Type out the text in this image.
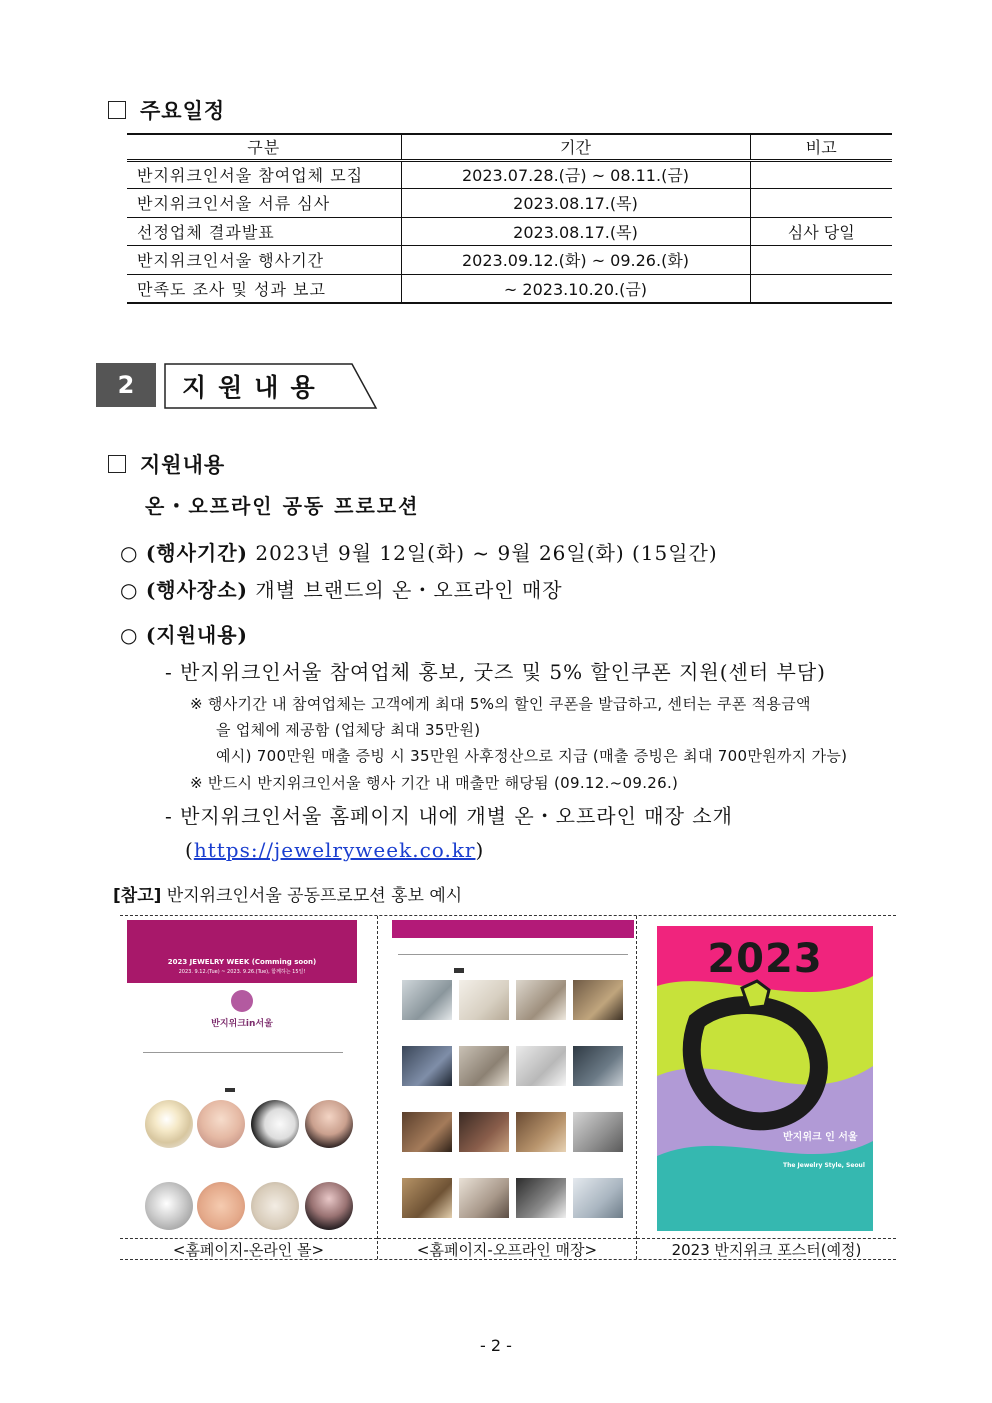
주요일정
구분	기간	비고
반지위크인서울 참여업체 모집	2023.07.28.(금) ~ 08.11.(금)	
반지위크인서울 서류 심사	2023.08.17.(목)	
선정업체 결과발표	2023.08.17.(목)	심사 당일
반지위크인서울 행사기간	2023.09.12.(화) ~ 09.26.(화)	
만족도 조사 및 성과 보고	~ 2023.10.20.(금)	
2	지원내용
지원내용
온・오프라인 공동 프로모션
○ (행사기간) 2023년 9월 12일(화) ~ 9월 26일(화) (15일간)
○ (행사장소) 개별 브랜드의 온・오프라인 매장
○ (지원내용)
- 반지위크인서울 참여업체 홍보, 굿즈 및 5% 할인쿠폰 지원(센터 부담)
※ 행사기간 내 참여업체는 고객에게 최대 5%의 할인 쿠폰을 발급하고, 센터는 쿠폰 적용금액
을 업체에 제공함 (업체당 최대 35만원)
예시) 700만원 매출 증빙 시 35만원 사후정산으로 지급 (매출 증빙은 최대 700만원까지 가능)
※ 반드시 반지위크인서울 행사 기간 내 매출만 해당됨 (09.12.~09.26.)
- 반지위크인서울 홈페이지 내에 개별 온・오프라인 매장 소개
(https://jewelryweek.co.kr)
[참고] 반지위크인서울 공동프로모션 홍보 예시
2023 JEWELRY WEEK (Comming soon)
2023. 9.12.(Tue) ~ 2023. 9.26.(Tue), 함께하는 15일!
반지위크in서울
<홈페이지-온라인 몰>	<홈페이지-오프라인 매장>
2023
반지위크 인 서울
The Jewelry Style, Seoul
2023 반지위크 포스터(예정)
- 2 -
